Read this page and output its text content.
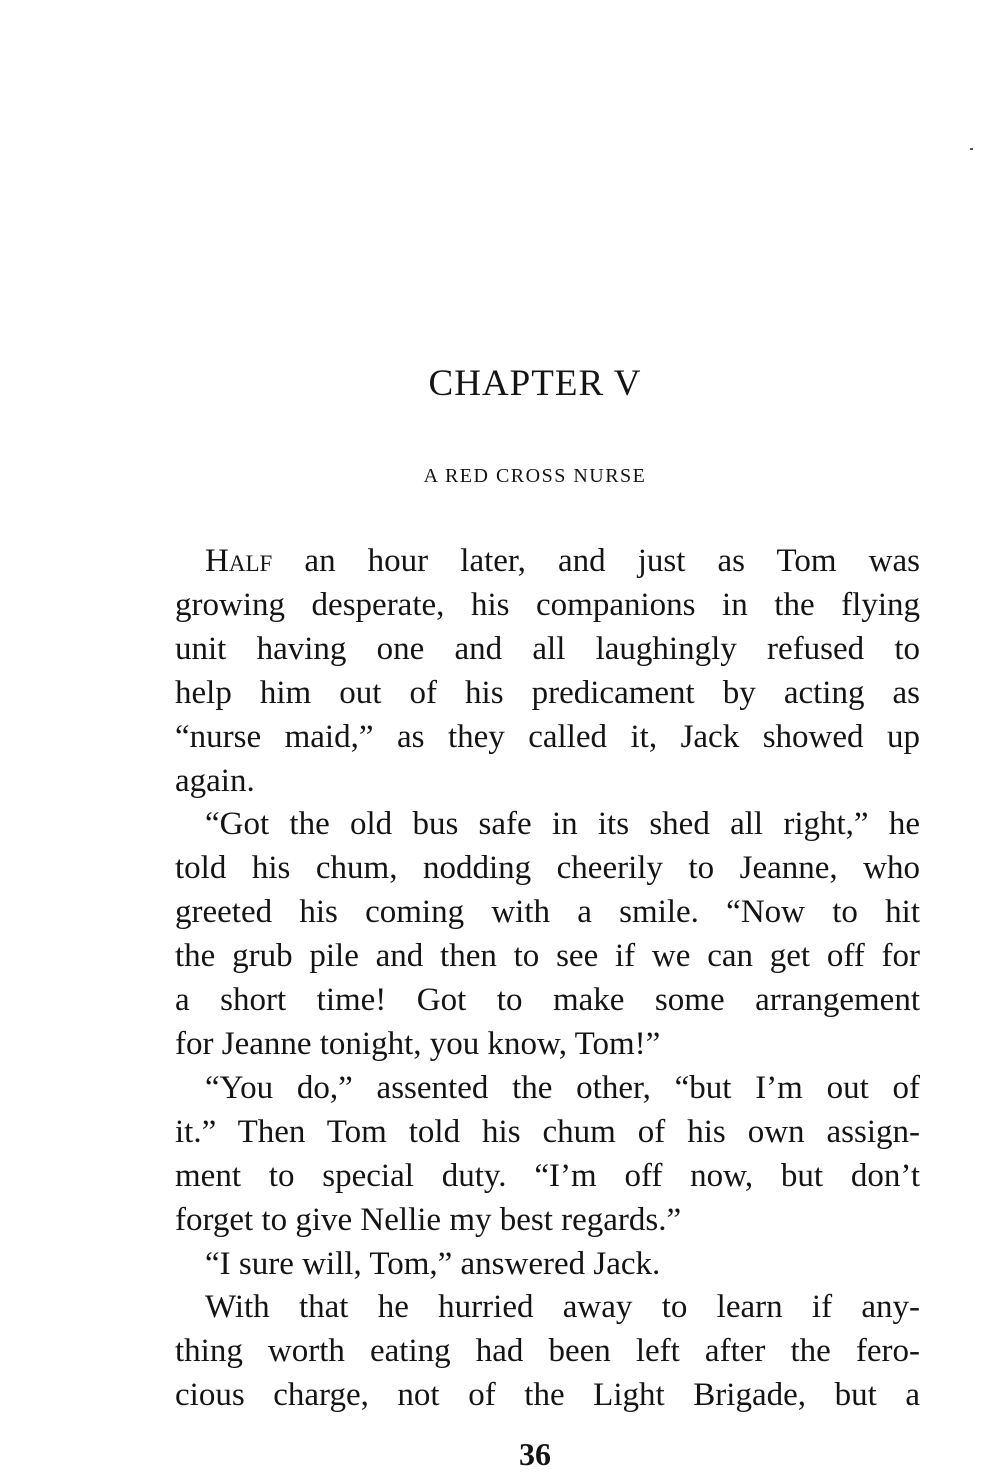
CHAPTER V
A RED CROSS NURSE
Half an hour later, and just as Tom was
growing desperate, his companions in the flying
unit having one and all laughingly refused to
help him out of his predicament by acting as
“nurse maid,” as they called it, Jack showed up
again.
“Got the old bus safe in its shed all right,” he
told his chum, nodding cheerily to Jeanne, who
greeted his coming with a smile. “Now to hit
the grub pile and then to see if we can get off for
a short time! Got to make some arrangement
for Jeanne tonight, you know, Tom!”
“You do,” assented the other, “but I’m out of
it.” Then Tom told his chum of his own assign-
ment to special duty. “I’m off now, but don’t
forget to give Nellie my best regards.”
“I sure will, Tom,” answered Jack.
With that he hurried away to learn if any-
thing worth eating had been left after the fero-
cious charge, not of the Light Brigade, but a
36
